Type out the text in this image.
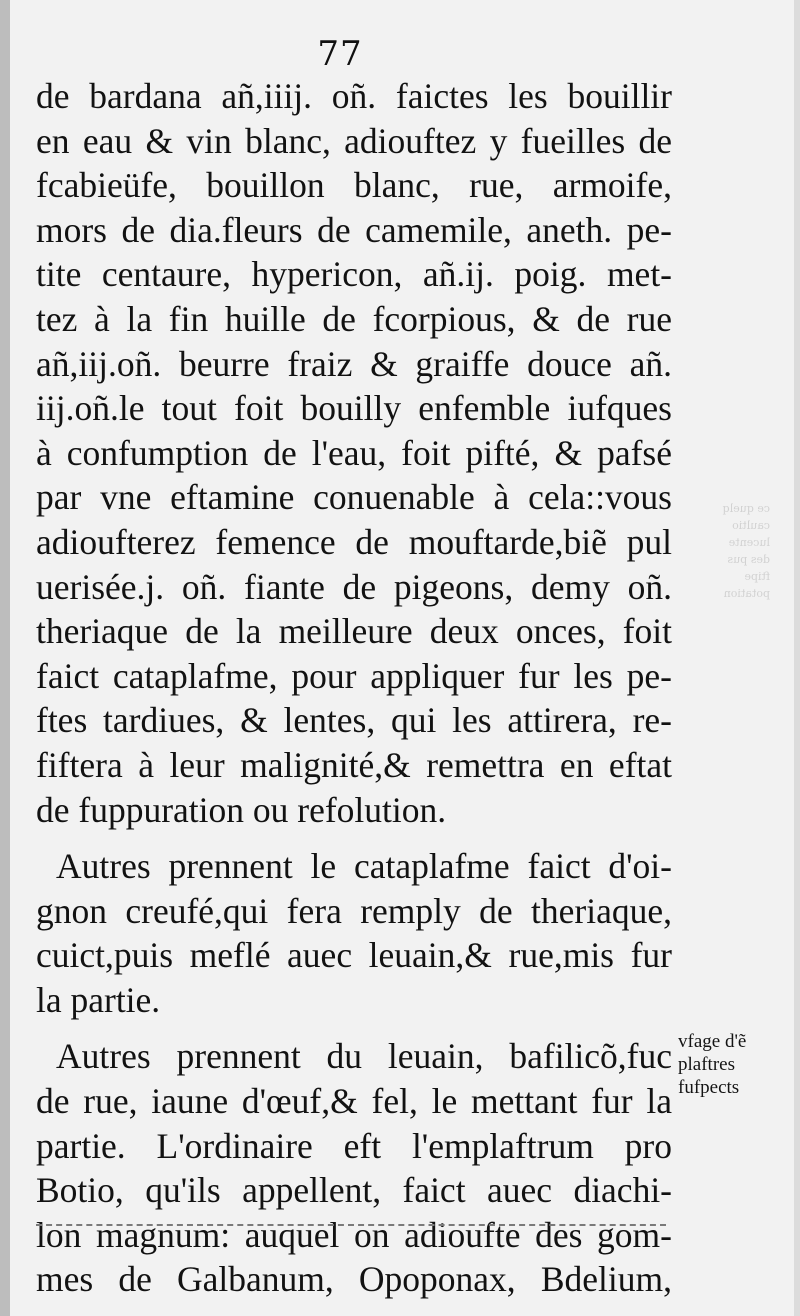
ce quelq
caultio
lucente
des pus
ftipe
potation
77
de bardana añ,iiij. oñ. faictes les bouillir
en eau & vin blanc, adiouftez y fueilles de
fcabieüfe, bouillon blanc, rue, armoife,
mors de dia.fleurs de camemile, aneth. pe-
tite centaure, hypericon, añ.ij. poig. met-
tez à la fin huille de fcorpious, & de rue
añ,iij.oñ. beurre fraiz & graiffe douce añ.
iij.oñ.le tout foit bouilly enfemble iufques
à confumption de l'eau, foit pifté, & pafsé
par vne eftamine conuenable à cela::vous
adioufterez femence de mouftarde,biẽ pul
uerisée.j. oñ. fiante de pigeons, demy oñ.
theriaque de la meilleure deux onces, foit
faict cataplafme, pour appliquer fur les pe-
ftes tardiues, & lentes, qui les attirera, re-
fiftera à leur malignité,& remettra en eftat
de fuppuration ou refolution.
Autres prennent le cataplafme faict d'oi-
gnon creufé,qui fera remply de theriaque,
cuict,puis meflé auec leuain,& rue,mis fur
la partie.
Autres prennent du leuain, bafilicõ,fuc
de rue, iaune d'œuf,& fel, le mettant fur la
partie. L'ordinaire eft l'emplaftrum pro
Botio, qu'ils appellent, faict auec diachi-
lon magnum: auquel on adioufte des gom-
mes de Galbanum, Opoponax, Bdelium,
vfage d'ẽ
plaftres
fufpects
